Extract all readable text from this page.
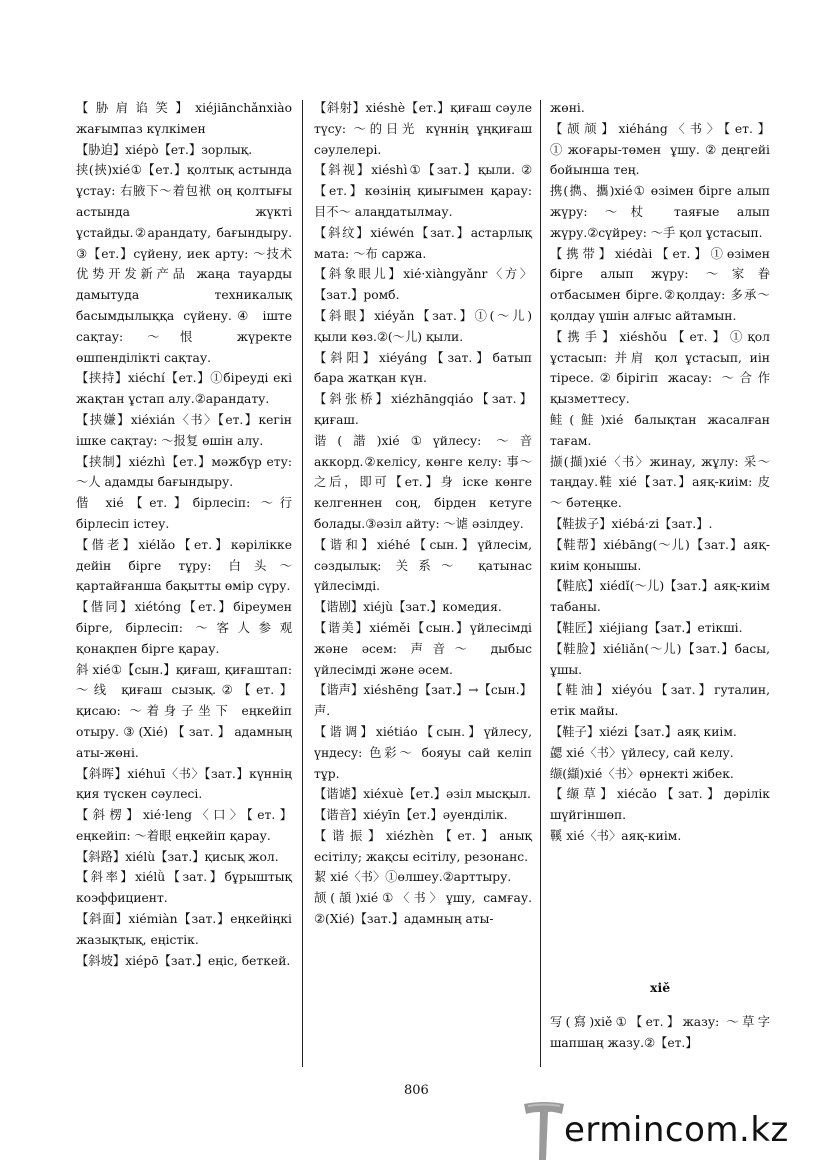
【胁肩谄笑】xiéjiānchǎnxiào жағымпаз күлкімен

【胁迫】xiépò【ет.】зорлық.

挟(挾)xié①【ет.】қолтық астында ұстау: 右腋下～着包袱 оң қолтығы астында жүкті ұстайды.②арандату, бағындыру. ③【ет.】сүйену, иек арту: ～技术优势开发新产品 жаңа тауарды дамытуда техникалық басымдылыққа сүйену.④ іште сақтау: ～恨 жүректе өшпенділікті сақтау.

【挟持】xiéchí【ет.】①біреуді екі жақтан ұстап алу.②арандату.

【挟嫌】xiéxián〈书〉【ет.】кегін ішке сақтау: ～报复 өшін алу.

【挟制】xiézhì【ет.】мәжбүр ету: ～人 адамды бағындыру.

偕 xié【ет.】бірлесіп: ～行 бірлесіп істеу.

【偕老】xiélǎo【ет.】кәрілікке дейін бірге тұру: 白头～ қартайғанша бақытты өмір сүру.

【偕同】xiétóng【ет.】біреумен бірге, бірлесіп: ～客人参观 қонақпен бірге қарау.

斜 xié①【сын.】қиғаш, қиғаштап: ～线 қиғаш сызық.②【ет.】қисаю: ～着身子坐下 еңкейіп отыру.③(Xié)【зат.】адамның аты-жөні.

【斜晖】xiéhuī〈书〉【зат.】күннің қия түскен сәулесі.

【斜楞】xié·leng〈口〉【ет.】еңкейіп: ～着眼 еңкейіп қарау.

【斜路】xiélù【зат.】қисық жол.

【斜率】xiélǜ【зат.】бұрыштық коэффициент.

【斜面】xiémiàn【зат.】еңкейіңкі жазықтық, еңістік.

【斜坡】xiépō【зат.】еңіс, беткей.

【斜射】xiéshè【ет.】қиғаш сәуле түсу: ～的日光 күннің ұңқиғаш сәулелері.

【斜视】xiéshì①【зат.】қыли. ②【ет.】көзінің қиығымен қарау: 目不～ алаңдатылмау.

【斜纹】xiéwén【зат.】астарлық мата: ～布 саржа.

【斜象眼儿】xié·xiàngyǎnr〈方〉【зат.】ромб.

【斜眼】xiéyǎn【зат.】①(～儿) қыли көз.②(～儿) қыли.

【斜阳】xiéyáng【зат.】батып бара жатқан күн.

【斜张桥】xiézhāngqiáo【зат.】қиғаш.

谐(諧)xié①үйлесу: ～音 аккорд.②келісу, көнге келу: 事～之后，即可【ет.】身 іске көнге келгеннен соң, бірден кетуге болады.③әзіл айту: ～谑 әзілдеу.

【谐和】xiéhé【сын.】үйлесім, сәздылық: 关系～ қатынас үйлесімді.

【谐剧】xiéjù【зат.】комедия.

【谐美】xiéměi【сын.】үйлесімді және әсем: 声音～ дыбыс үйлесімді және әсем.

【谐声】xiéshēng【зат.】→【сын.】声.

【谐调】xiétiáo【сын.】үйлесу, үндесу: 色彩～ бояуы сай келіп тұр.

【谐谑】xiéxuè【ет.】әзіл мысқыл.

【谐音】xiéyīn【ет.】әуенділік.

【谐振】xiézhèn【ет.】анық есітілу; жақсы есітілу, резонанс.

絜 xié〈书〉①өлшеу.②арттыру.

颉(頡)xié①〈书〉ұшу, самғау. ②(Xié)【зат.】адамның аты-

жөні.

【颉颃】xiéháng〈书〉【ет.】①жоғары-төмен ұшу.②деңгейі бойынша тең.

携(擕、攜)xié① өзімен бірге алып жүру: ～杖 таяғые алып жүру.②сүйреу: ～手 қол ұстасып.

【携带】xiédài【ет.】①өзімен бірге алып жүру: ～家眷 отбасымен бірге.②қолдау: 多承～ қолдау үшін алғыс айтамын.

【携手】xiéshǒu【ет.】①қол ұстасып: 并肩 қол ұстасып, иін тіресе.②бірігіп жасау: ～合作 қызметтесу.

鲑(鮭)xié балықтан жасалған тағам.

撷(擷)xié〈书〉жинау, жұлу: 采～ таңдау.鞋 xié【зат.】аяқ-киім: 皮～ бәтеңке.

【鞋拔子】xiébá·zi【зат.】.

【鞋帮】xiébāng(～儿)【зат.】аяқ-киім қонышы.

【鞋底】xiédǐ(～儿)【зат.】аяқ-киім табаны.

【鞋匠】xiéjiang【зат.】етікші.

【鞋脸】xiéliǎn(～儿)【зат.】басы, ұшы.

【鞋油】xiéyóu【зат.】гуталин, етік майы.

【鞋子】xiézi【зат.】аяқ киім.

勰 xié〈书〉үйлесу, сай келу.

缬(纈)xié〈书〉өрнекті жібек.

【缬草】xiécǎo【зат.】дәрілік шүйгіншөп.

鞵 xié〈书〉аяқ-киім.

xiě

写(寫)xiě①【ет.】жазу: ～草字 шапшаң жазу.②【ет.】

806
ermincom.kz
